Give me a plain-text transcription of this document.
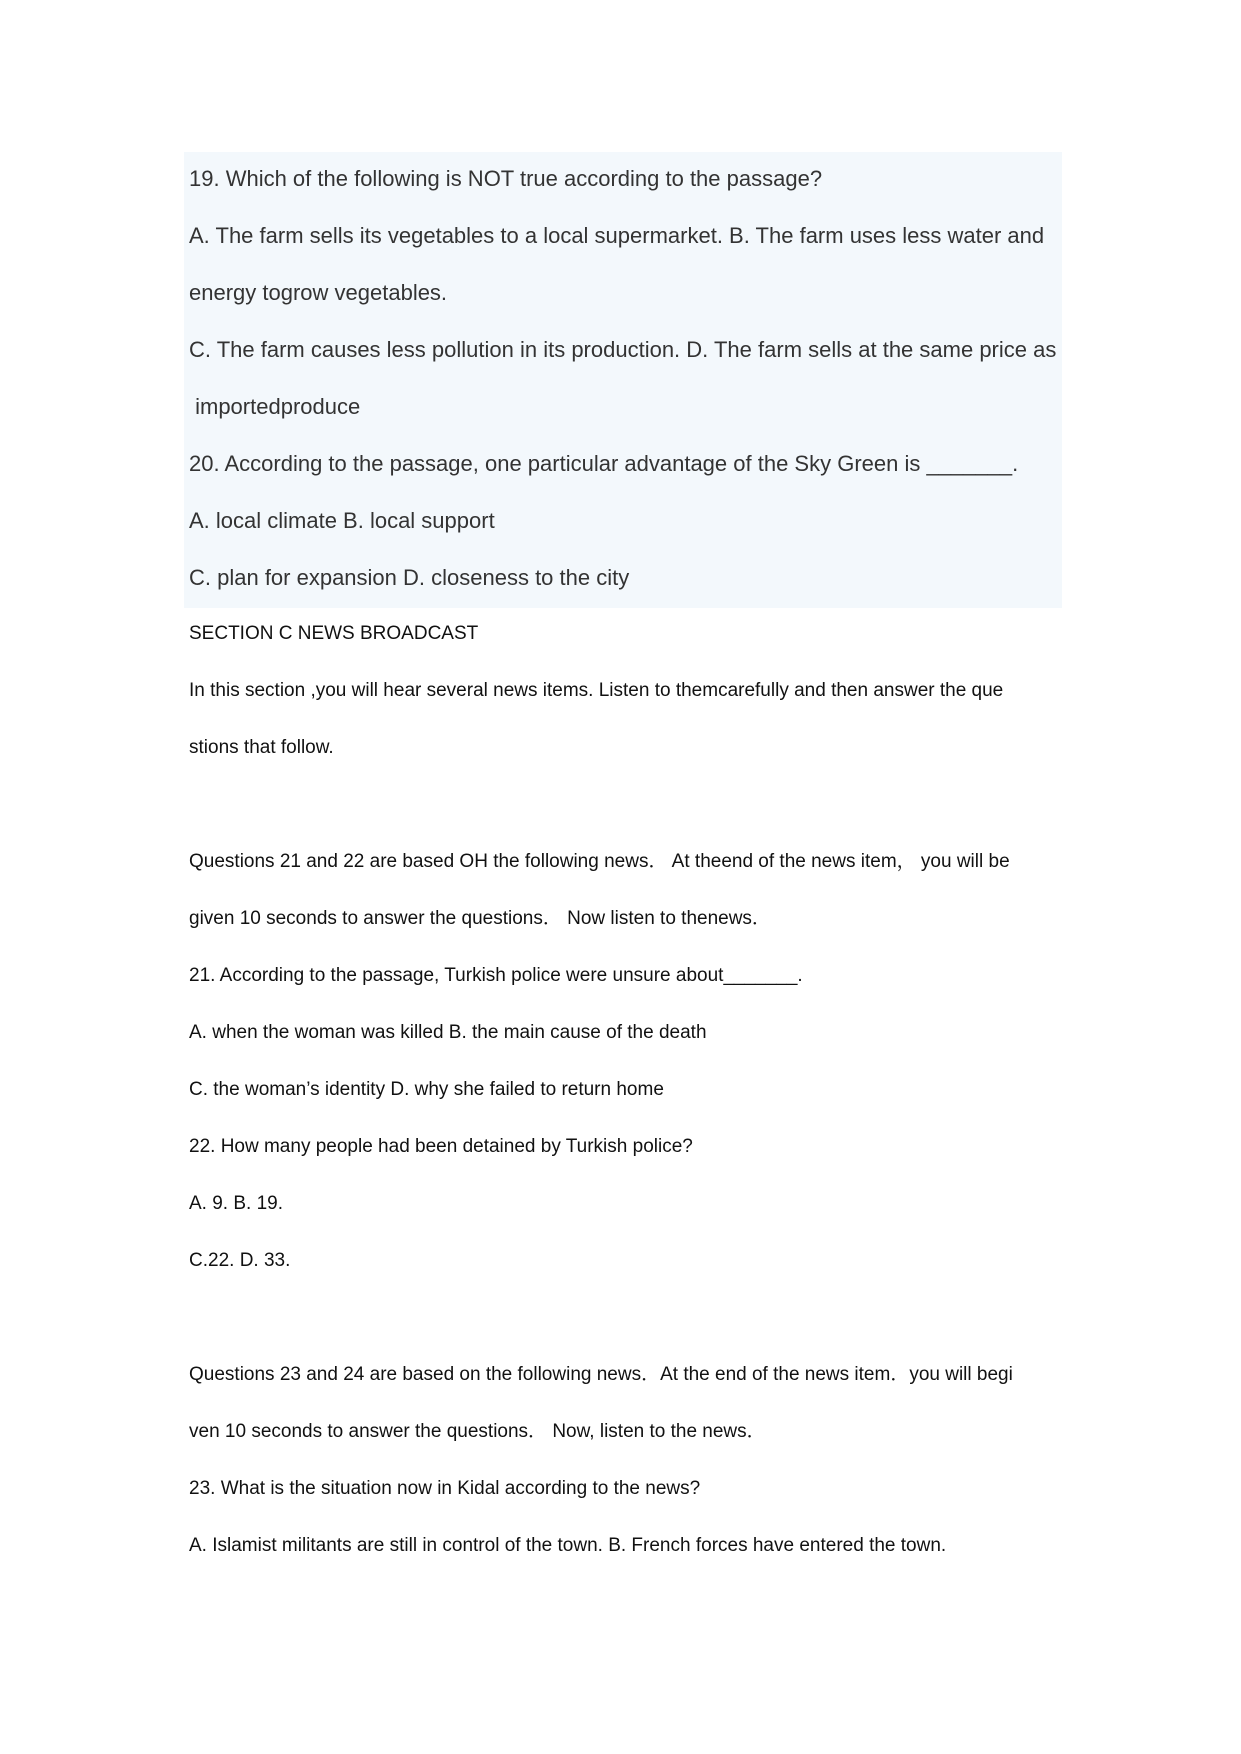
19. Which of the following is NOT true according to the passage?
A. The farm sells its vegetables to a local supermarket. B. The farm uses less water and
energy togrow vegetables.
C. The farm causes less pollution in its production. D. The farm sells at the same price as
importedproduce
20. According to the passage, one particular advantage of the Sky Green is _______.
A. local climate B. local support
C. plan for expansion D. closeness to the city
SECTION C NEWS BROADCAST
In this section ,you will hear several news items. Listen to themcarefully and then answer the que
stions that follow.
Questions 21 and 22 are based OH the following news． At theend of the news item， you will be
given 10 seconds to answer the questions． Now listen to thenews．
21. According to the passage, Turkish police were unsure about_______.
A. when the woman was killed B. the main cause of the death
C. the woman’s identity D. why she failed to return home
22. How many people had been detained by Turkish police?
A. 9. B. 19.
C.22. D. 33.
Questions 23 and 24 are based on the following news．At the end of the news item．you will begi
ven 10 seconds to answer the questions． Now, listen to the news．
23. What is the situation now in Kidal according to the news?
A. Islamist militants are still in control of the town. B. French forces have entered the town.
